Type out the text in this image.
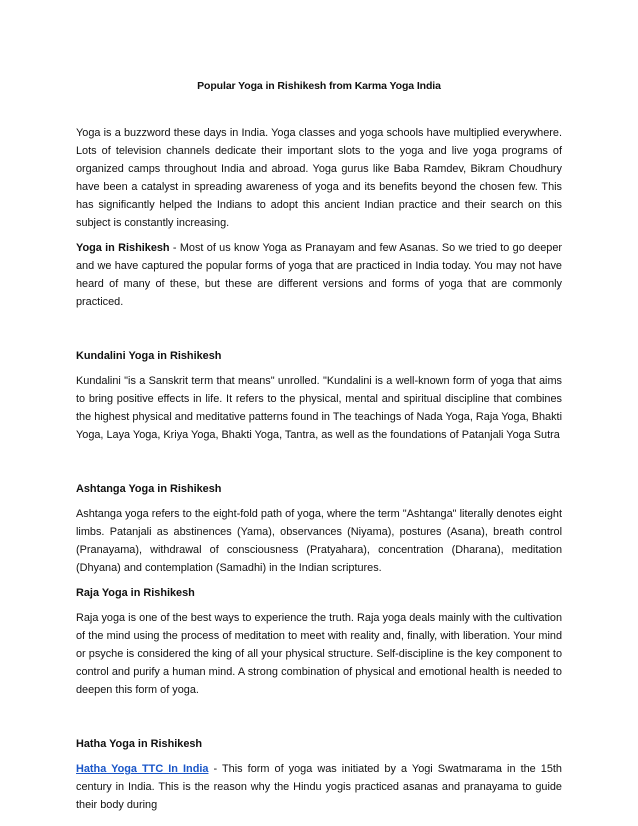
Popular Yoga in Rishikesh from Karma Yoga India

Yoga is a buzzword these days in India. Yoga classes and yoga schools have multiplied everywhere. Lots of television channels dedicate their important slots to the yoga and live yoga programs of organized camps throughout India and abroad. Yoga gurus like Baba Ramdev, Bikram Choudhury have been a catalyst in spreading awareness of yoga and its benefits beyond the chosen few. This has significantly helped the Indians to adopt this ancient Indian practice and their search on this subject is constantly increasing.

Yoga in Rishikesh - Most of us know Yoga as Pranayam and few Asanas. So we tried to go deeper and we have captured the popular forms of yoga that are practiced in India today. You may not have heard of many of these, but these are different versions and forms of yoga that are commonly practiced.

Kundalini Yoga in Rishikesh

Kundalini "is a Sanskrit term that means" unrolled. "Kundalini is a well-known form of yoga that aims to bring positive effects in life. It refers to the physical, mental and spiritual discipline that combines the highest physical and meditative patterns found in The teachings of Nada Yoga, Raja Yoga, Bhakti Yoga, Laya Yoga, Kriya Yoga, Bhakti Yoga, Tantra, as well as the foundations of Patanjali Yoga Sutra

Ashtanga Yoga in Rishikesh

Ashtanga yoga refers to the eight-fold path of yoga, where the term "Ashtanga" literally denotes eight limbs. Patanjali as abstinences (Yama), observances (Niyama), postures (Asana), breath control (Pranayama), withdrawal of consciousness (Pratyahara), concentration (Dharana), meditation (Dhyana) and contemplation (Samadhi) in the Indian scriptures.

Raja Yoga in Rishikesh

Raja yoga is one of the best ways to experience the truth. Raja yoga deals mainly with the cultivation of the mind using the process of meditation to meet with reality and, finally, with liberation. Your mind or psyche is considered the king of all your physical structure. Self-discipline is the key component to control and purify a human mind. A strong combination of physical and emotional health is needed to deepen this form of yoga.

Hatha Yoga in Rishikesh

Hatha Yoga TTC In India - This form of yoga was initiated by a Yogi Swatmarama in the 15th century in India. This is the reason why the Hindu yogis practiced asanas and pranayama to guide their body during
